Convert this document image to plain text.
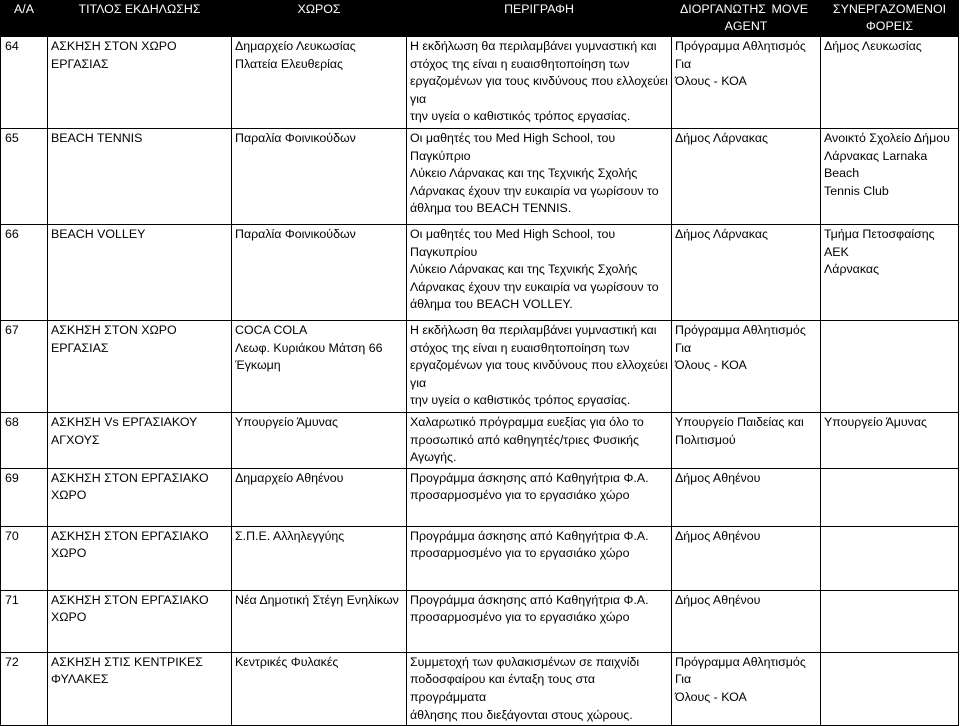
Α/Α	ΤΙΤΛΟΣ ΕΚΔΗΛΩΣΗΣ	ΧΩΡΟΣ	ΠΕΡΙΓΡΑΦΗ	ΔΙΟΡΓΑΝΩΤΗΣ MOVE
AGENT	ΣΥΝΕΡΓΑΖΟΜΕΝΟΙ
ΦΟΡΕΙΣ

64	ΑΣΚΗΣΗ ΣΤΟΝ ΧΩΡΟ ΕΡΓΑΣΙΑΣ	Δημαρχείο Λευκωσίας
Πλατεία Ελευθερίας	Η εκδήλωση θα περιλαμβάνει γυμναστική και
στόχος της είναι η ευαισθητοποίηση των
εργαζομένων για τους κινδύνους που ελλοχεύει για
την υγεία ο καθιστικός τρόπος εργασίας.	Πρόγραμμα Αθλητισμός Για
Όλους - ΚΟΑ	Δήμος Λευκωσίας
65	BEACH TENNIS	Παραλία Φοινικούδων	Οι μαθητές του Med High School, του Παγκύπριο
Λύκειο Λάρνακας και της Τεχνικής Σχολής
Λάρνακας έχουν την ευκαιρία να γωρίσουν το
άθλημα του BEACH TENNIS.	Δήμος Λάρνακας	Ανοικτό Σχολείο Δήμου
Λάρνακας Larnaka Beach
Tennis Club
66	BEACH VOLLEY	Παραλία Φοινικούδων	Οι μαθητές του Med High School, του Παγκυπρίου
Λύκειο Λάρνακας και της Τεχνικής Σχολής
Λάρνακας έχουν την ευκαιρία να γωρίσουν το
άθλημα του BEACH VOLLEY.	Δήμος Λάρνακας	Τμήμα Πετοσφαίσης ΑΕΚ
Λάρνακας
67	ΑΣΚΗΣΗ ΣΤΟΝ ΧΩΡΟ ΕΡΓΑΣΙΑΣ	COCA COLA
Λεωφ. Κυριάκου Μάτση 66
Έγκωμη	Η εκδήλωση θα περιλαμβάνει γυμναστική και
στόχος της είναι η ευαισθητοποίηση των
εργαζομένων για τους κινδύνους που ελλοχεύει για
την υγεία ο καθιστικός τρόπος εργασίας.	Πρόγραμμα Αθλητισμός Για
Όλους - ΚΟΑ	
68	ΑΣΚΗΣΗ Vs ΕΡΓΑΣΙΑΚΟΥ ΑΓΧΟΥΣ	Υπουργείο Άμυνας	Χαλαρωτικό πρόγραμμα ευεξίας για όλο το
προσωπικό από καθηγητές/τριες Φυσικής Αγωγής.	Υπουργείο Παιδείας και
Πολιτισμού	Υπουργείο Άμυνας
69	ΑΣΚΗΣΗ ΣΤΟΝ ΕΡΓΑΣΙΑΚΟ ΧΩΡΟ	Δημαρχείο Αθηένου	Προγράμμα άσκησης από Καθηγήτρια Φ.Α.
προσαρμοσμένο για το εργασιάκο χώρο	Δήμος Αθηένου	
70	ΑΣΚΗΣΗ ΣΤΟΝ ΕΡΓΑΣΙΑΚΟ ΧΩΡΟ	Σ.Π.Ε. Αλληλεγγύης	Προγράμμα άσκησης από Καθηγήτρια Φ.Α.
προσαρμοσμένο για το εργασιάκο χώρο	Δήμος Αθηένου	
71	ΑΣΚΗΣΗ ΣΤΟΝ ΕΡΓΑΣΙΑΚΟ ΧΩΡΟ	Νέα Δημοτική Στέγη Ενηλίκων	Προγράμμα άσκησης από Καθηγήτρια Φ.Α.
προσαρμοσμένο για το εργασιάκο χώρο	Δήμος Αθηένου	
72	ΑΣΚΗΣΗ ΣΤΙΣ ΚΕΝΤΡΙΚΕΣ
ΦΥΛΑΚΕΣ	Κεντρικές Φυλακές	Συμμετοχή των φυλακισμένων σε παιχνίδι
ποδοσφαίρου και ένταξη τους στα προγράμματα
άθλησης που διεξάγονται στους χώρους.	Πρόγραμμα Αθλητισμός Για
Όλους - ΚΟΑ	
